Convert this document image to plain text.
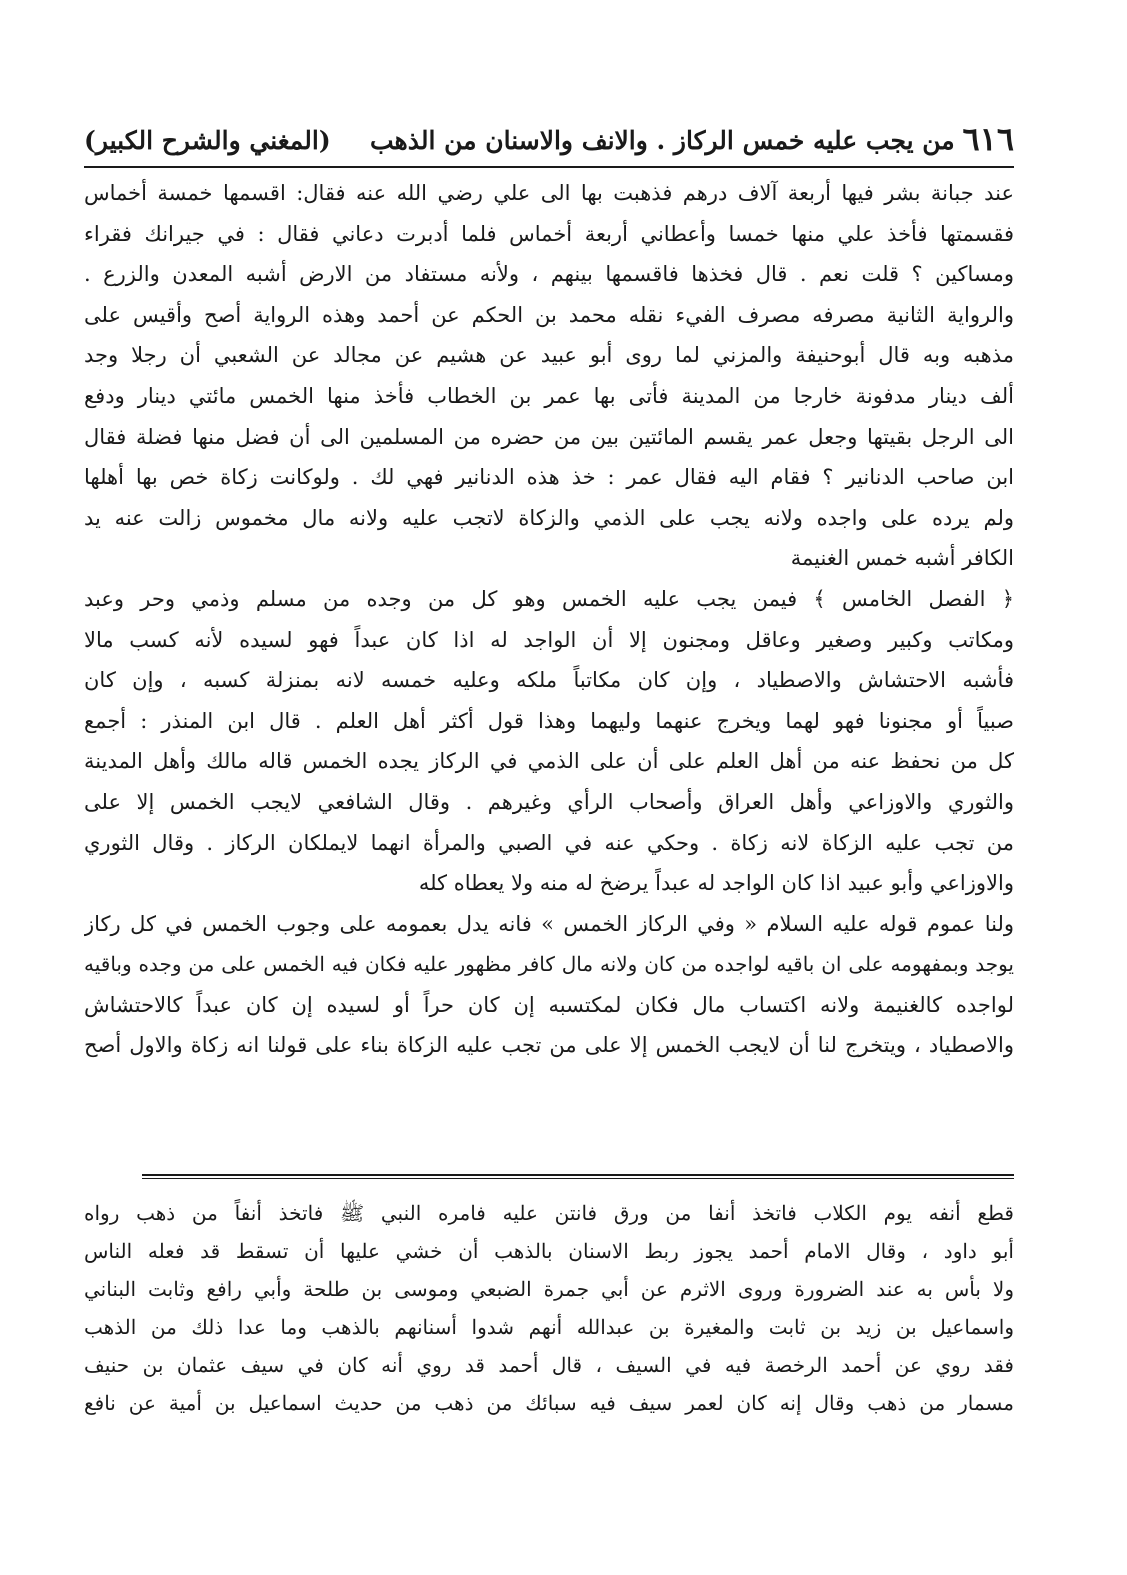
٦١٦
من يجب عليه خمس الركاز . والانف والاسنان من الذهب
(المغني والشرح الكبير)
عند جبانة بشر فيها أربعة آلاف درهم فذهبت بها الى علي رضي الله عنه فقال: اقسمها خمسة أخماس
فقسمتها فأخذ علي منها خمسا وأعطاني أربعة أخماس فلما أدبرت دعاني فقال : في جيرانك فقراء
ومساكين ؟ قلت نعم . قال فخذها فاقسمها بينهم ، ولأنه مستفاد من الارض أشبه المعدن والزرع .
والرواية الثانية مصرفه مصرف الفيء نقله محمد بن الحكم عن أحمد وهذه الرواية أصح وأقيس على
مذهبه وبه قال أبوحنيفة والمزني لما روى أبو عبيد عن هشيم عن مجالد عن الشعبي أن رجلا وجد
ألف دينار مدفونة خارجا من المدينة فأتى بها عمر بن الخطاب فأخذ منها الخمس مائتي دينار ودفع
الى الرجل بقيتها وجعل عمر يقسم المائتين بين من حضره من المسلمين الى أن فضل منها فضلة فقال
ابن صاحب الدنانير ؟ فقام اليه فقال عمر : خذ هذه الدنانير فهي لك . ولوكانت زكاة خص بها أهلها
ولم يرده على واجده ولانه يجب على الذمي والزكاة لاتجب عليه ولانه مال مخموس زالت عنه يد
الكافر أشبه خمس الغنيمة
﴿ الفصل الخامس ﴾ فيمن يجب عليه الخمس وهو كل من وجده من مسلم وذمي وحر وعبد
ومكاتب وكبير وصغير وعاقل ومجنون إلا أن الواجد له اذا كان عبداً فهو لسيده لأنه كسب مالا
فأشبه الاحتشاش والاصطياد ، وإن كان مكاتباً ملكه وعليه خمسه لانه بمنزلة كسبه ، وإن كان
صبياً أو مجنونا فهو لهما ويخرج عنهما وليهما وهذا قول أكثر أهل العلم . قال ابن المنذر : أجمع
كل من نحفظ عنه من أهل العلم على أن على الذمي في الركاز يجده الخمس قاله مالك وأهل المدينة
والثوري والاوزاعي وأهل العراق وأصحاب الرأي وغيرهم . وقال الشافعي لايجب الخمس إلا على
من تجب عليه الزكاة لانه زكاة . وحكي عنه في الصبي والمرأة انهما لايملكان الركاز . وقال الثوري
والاوزاعي وأبو عبيد اذا كان الواجد له عبداً يرضخ له منه ولا يعطاه كله
ولنا عموم قوله عليه السلام « وفي الركاز الخمس » فانه يدل بعمومه على وجوب الخمس في كل ركاز
يوجد وبمفهومه على ان باقيه لواجده من كان ولانه مال كافر مظهور عليه فكان فيه الخمس على من وجده وباقيه
لواجده كالغنيمة ولانه اكتساب مال فكان لمكتسبه إن كان حراً أو لسيده إن كان عبداً كالاحتشاش
والاصطياد ، ويتخرج لنا أن لايجب الخمس إلا على من تجب عليه الزكاة بناء على قولنا انه زكاة والاول أصح
قطع أنفه يوم الكلاب فاتخذ أنفا من ورق فانتن عليه فامره النبي ﷺ فاتخذ أنفاً من ذهب رواه
أبو داود ، وقال الامام أحمد يجوز ربط الاسنان بالذهب أن خشي عليها أن تسقط قد فعله الناس
ولا بأس به عند الضرورة وروى الاثرم عن أبي جمرة الضبعي وموسى بن طلحة وأبي رافع وثابت البناني
واسماعيل بن زيد بن ثابت والمغيرة بن عبدالله أنهم شدوا أسنانهم بالذهب وما عدا ذلك من الذهب
فقد روي عن أحمد الرخصة فيه في السيف ، قال أحمد قد روي أنه كان في سيف عثمان بن حنيف
مسمار من ذهب وقال إنه كان لعمر سيف فيه سبائك من ذهب من حديث اسماعيل بن أمية عن نافع
